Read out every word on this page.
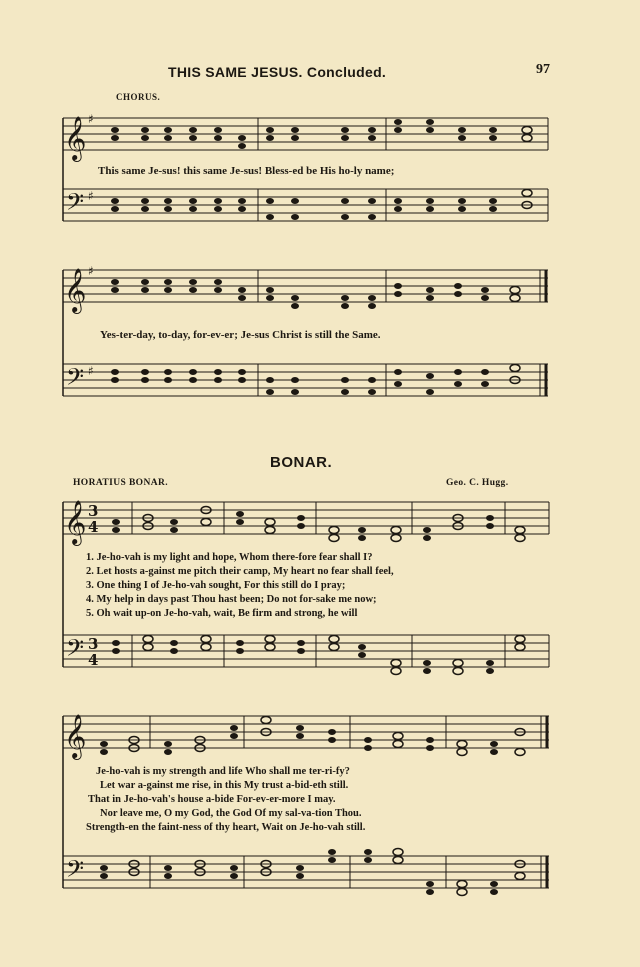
THIS SAME JESUS. Concluded.	97
CHORUS.
𝄞
𝄢
𝄞
𝄢
𝄞
𝄢
𝄞
𝄢
♯
♯
♯
♯
3
4
3
4
This same Je-sus! this same Je-sus! Bless-ed be His ho-ly name;
Yes-ter-day, to-day, for-ev-er; Je-sus Christ is still the Same.
BONAR.
HORATIUS BONAR.	Geo. C. Hugg.
1. Je-ho-vah is my light and hope, Whom there-fore fear shall I?
2. Let hosts a-gainst me pitch their camp, My heart no fear shall feel,
3. One thing I of Je-ho-vah sought, For this still do I pray;
4. My help in days past Thou hast been; Do not for-sake me now;
5. Oh wait up-on Je-ho-vah, wait, Be firm and strong, he will
Je-ho-vah is my strength and life Who shall me ter-ri-fy?
Let war a-gainst me rise, in this My trust a-bid-eth still.
That in Je-ho-vah's house a-bide For-ev-er-more I may.
Nor leave me, O my God, the God Of my sal-va-tion Thou.
Strength-en the faint-ness of thy heart, Wait on Je-ho-vah still.
